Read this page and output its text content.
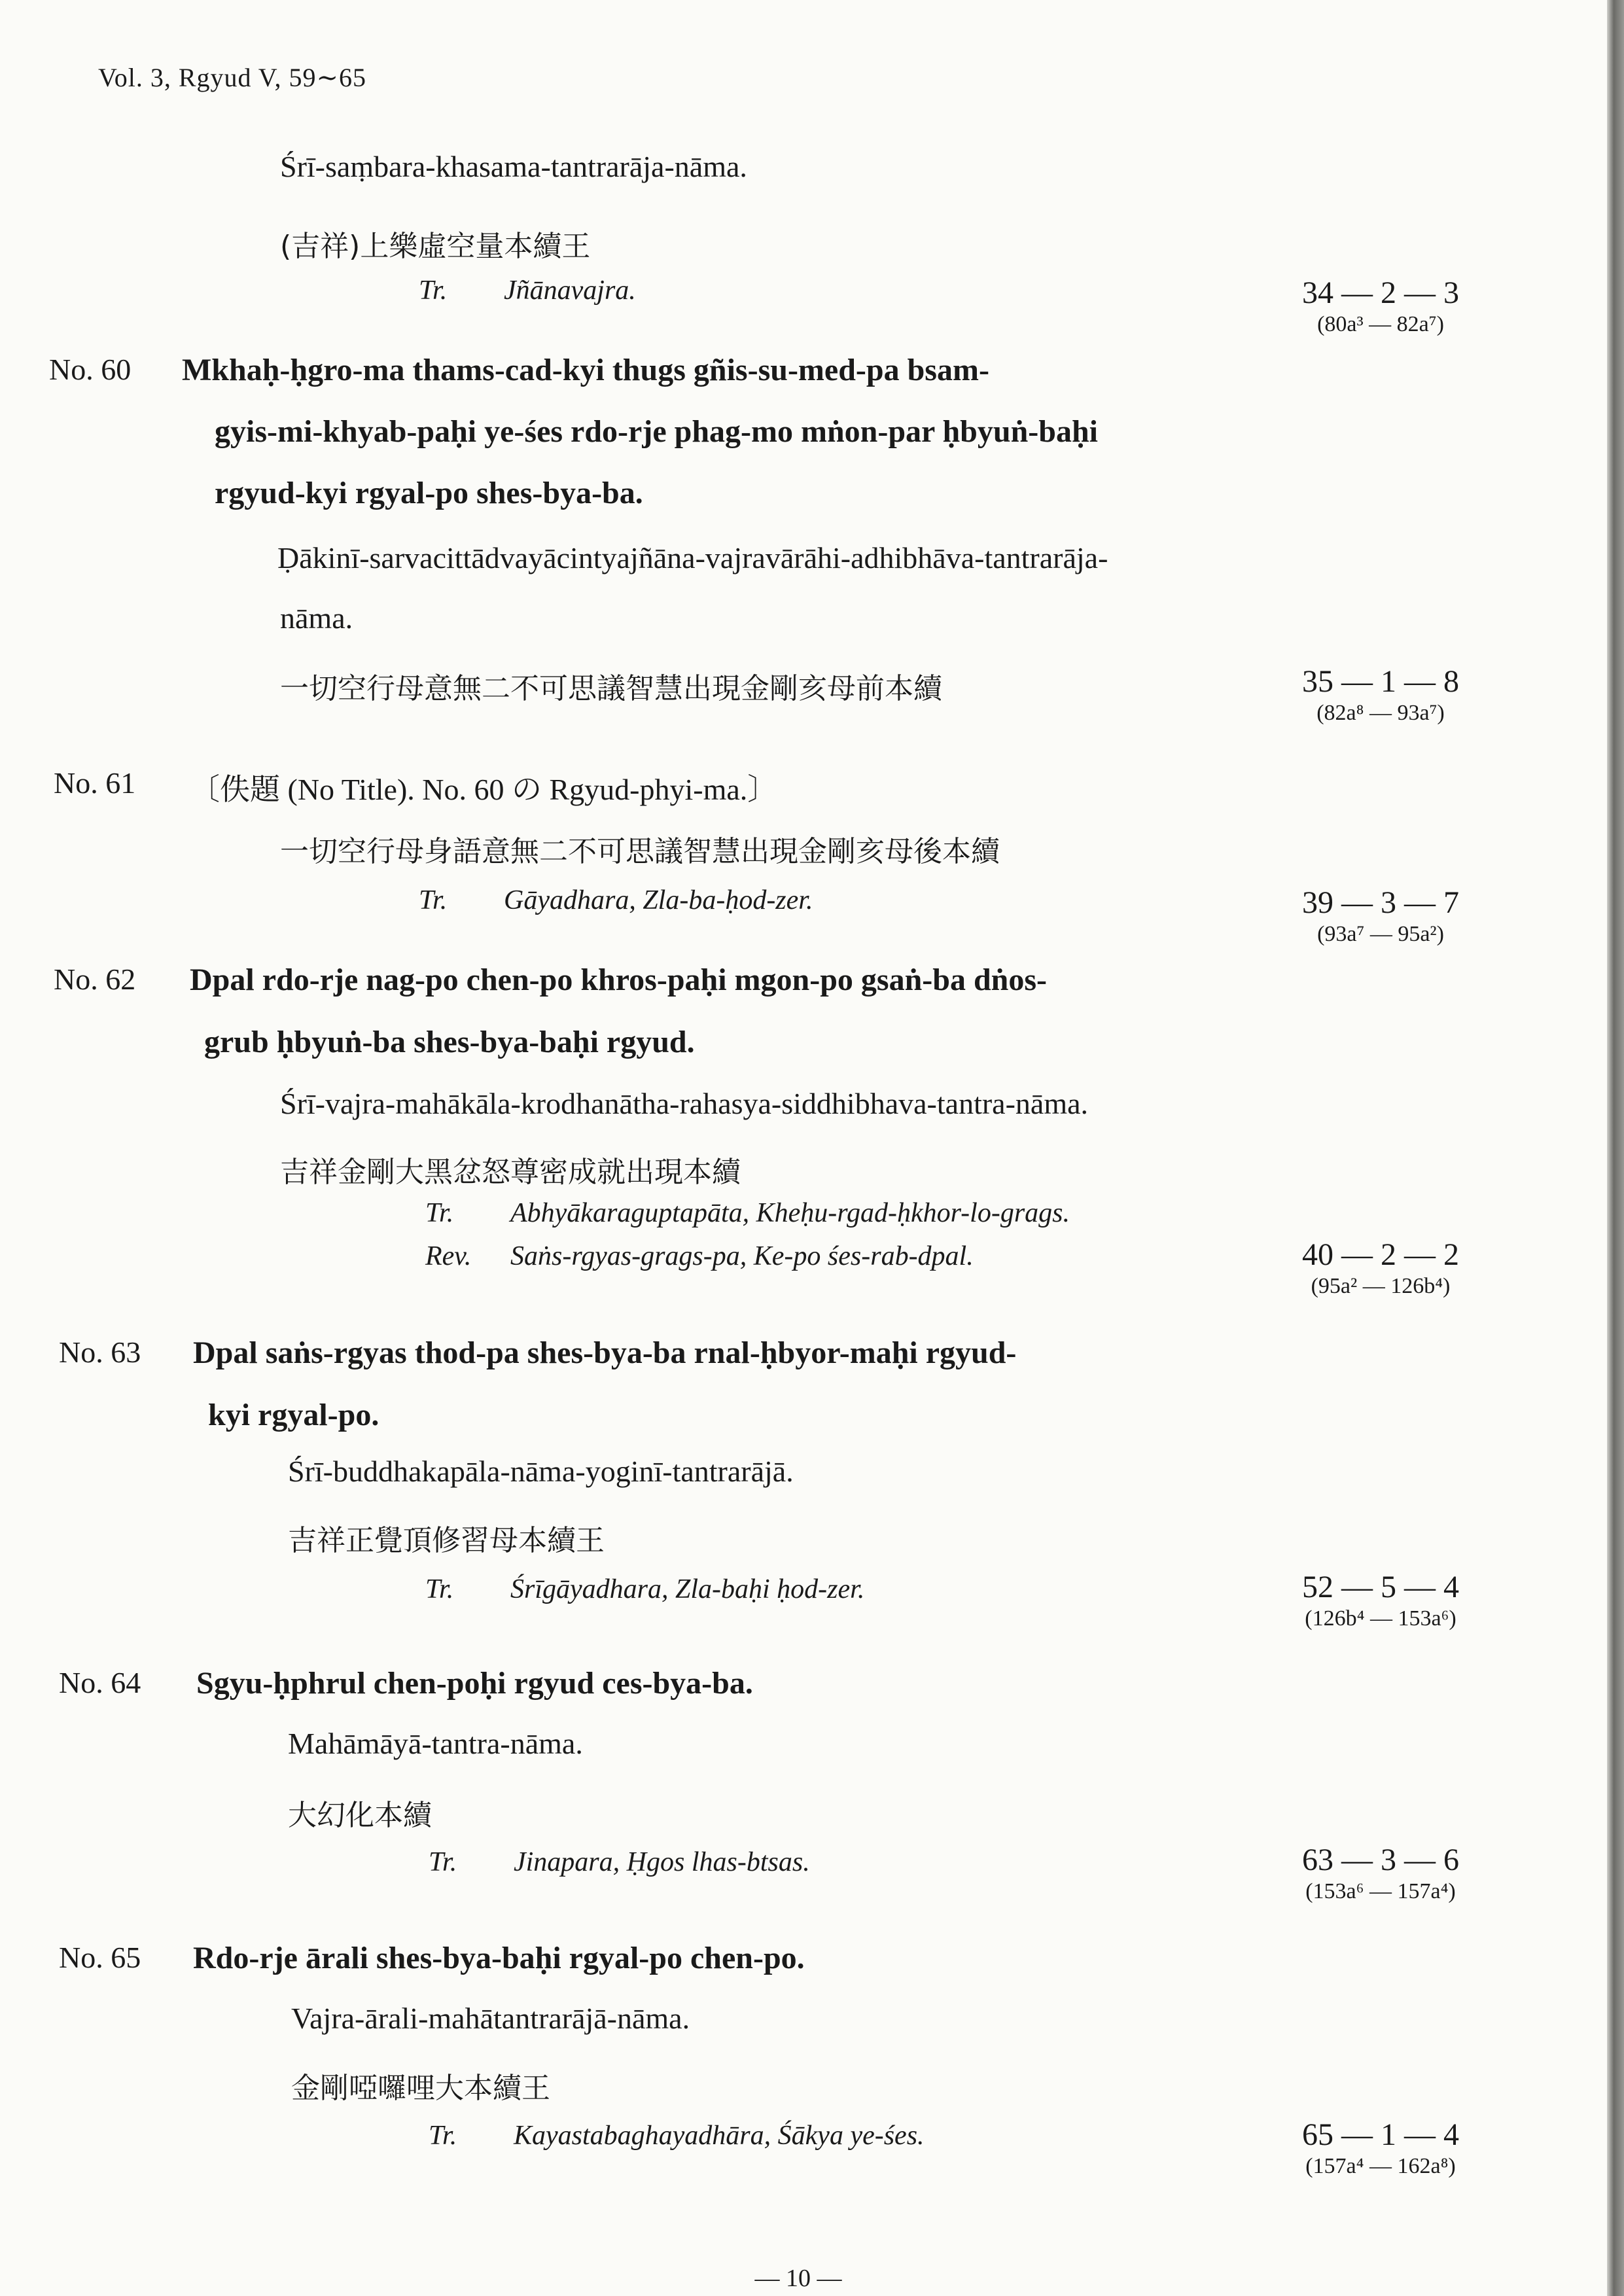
Vol. 3, Rgyud V, 59∼65
Śrī-saṃbara-khasama-tantrarāja-nāma.
(吉祥)上樂虛空量本續王
Tr. Jñānavajra.	34 — 2 — 3
(80a³ — 82a⁷)
No. 60 Mkhaḥ-ḥgro-ma thams-cad-kyi thugs gñis-su-med-pa bsam-
gyis-mi-khyab-paḥi ye-śes rdo-rje phag-mo mṅon-par ḥbyuṅ-baḥi
rgyud-kyi rgyal-po shes-bya-ba.
Ḍākinī-sarvacittādvayācintyajñāna-vajravārāhi-adhibhāva-tantrarāja-
nāma.
一切空行母意無二不可思議智慧出現金剛亥母前本續	35 — 1 — 8
(82a⁸ — 93a⁷)
No. 61 〔佚題 (No Title). No. 60 の Rgyud-phyi-ma.〕
一切空行母身語意無二不可思議智慧出現金剛亥母後本續
Tr. Gāyadhara, Zla-ba-ḥod-zer.	39 — 3 — 7
(93a⁷ — 95a²)
No. 62 Dpal rdo-rje nag-po chen-po khros-paḥi mgon-po gsaṅ-ba dṅos-
grub ḥbyuṅ-ba shes-bya-baḥi rgyud.
Śrī-vajra-mahākāla-krodhanātha-rahasya-siddhibhava-tantra-nāma.
吉祥金剛大黑忿怒尊密成就出現本續
Tr. Abhyākaraguptapāta, Kheḥu-rgad-ḥkhor-lo-grags.
Rev. Saṅs-rgyas-grags-pa, Ke-po śes-rab-dpal.	40 — 2 — 2
(95a² — 126b⁴)
No. 63 Dpal saṅs-rgyas thod-pa shes-bya-ba rnal-ḥbyor-maḥi rgyud-
kyi rgyal-po.
Śrī-buddhakapāla-nāma-yoginī-tantrarājā.
吉祥正覺頂修習母本續王
Tr. Śrīgāyadhara, Zla-baḥi ḥod-zer.	52 — 5 — 4
(126b⁴ — 153a⁶)
No. 64 Sgyu-ḥphrul chen-poḥi rgyud ces-bya-ba.
Mahāmāyā-tantra-nāma.
大幻化本續
Tr. Jinapara, Ḥgos lhas-btsas.	63 — 3 — 6
(153a⁶ — 157a⁴)
No. 65 Rdo-rje ārali shes-bya-baḥi rgyal-po chen-po.
Vajra-ārali-mahātantrarājā-nāma.
金剛啞囉哩大本續王
Tr. Kayastabaghayadhāra, Śākya ye-śes.	65 — 1 — 4
(157a⁴ — 162a⁸)
— 10 —
